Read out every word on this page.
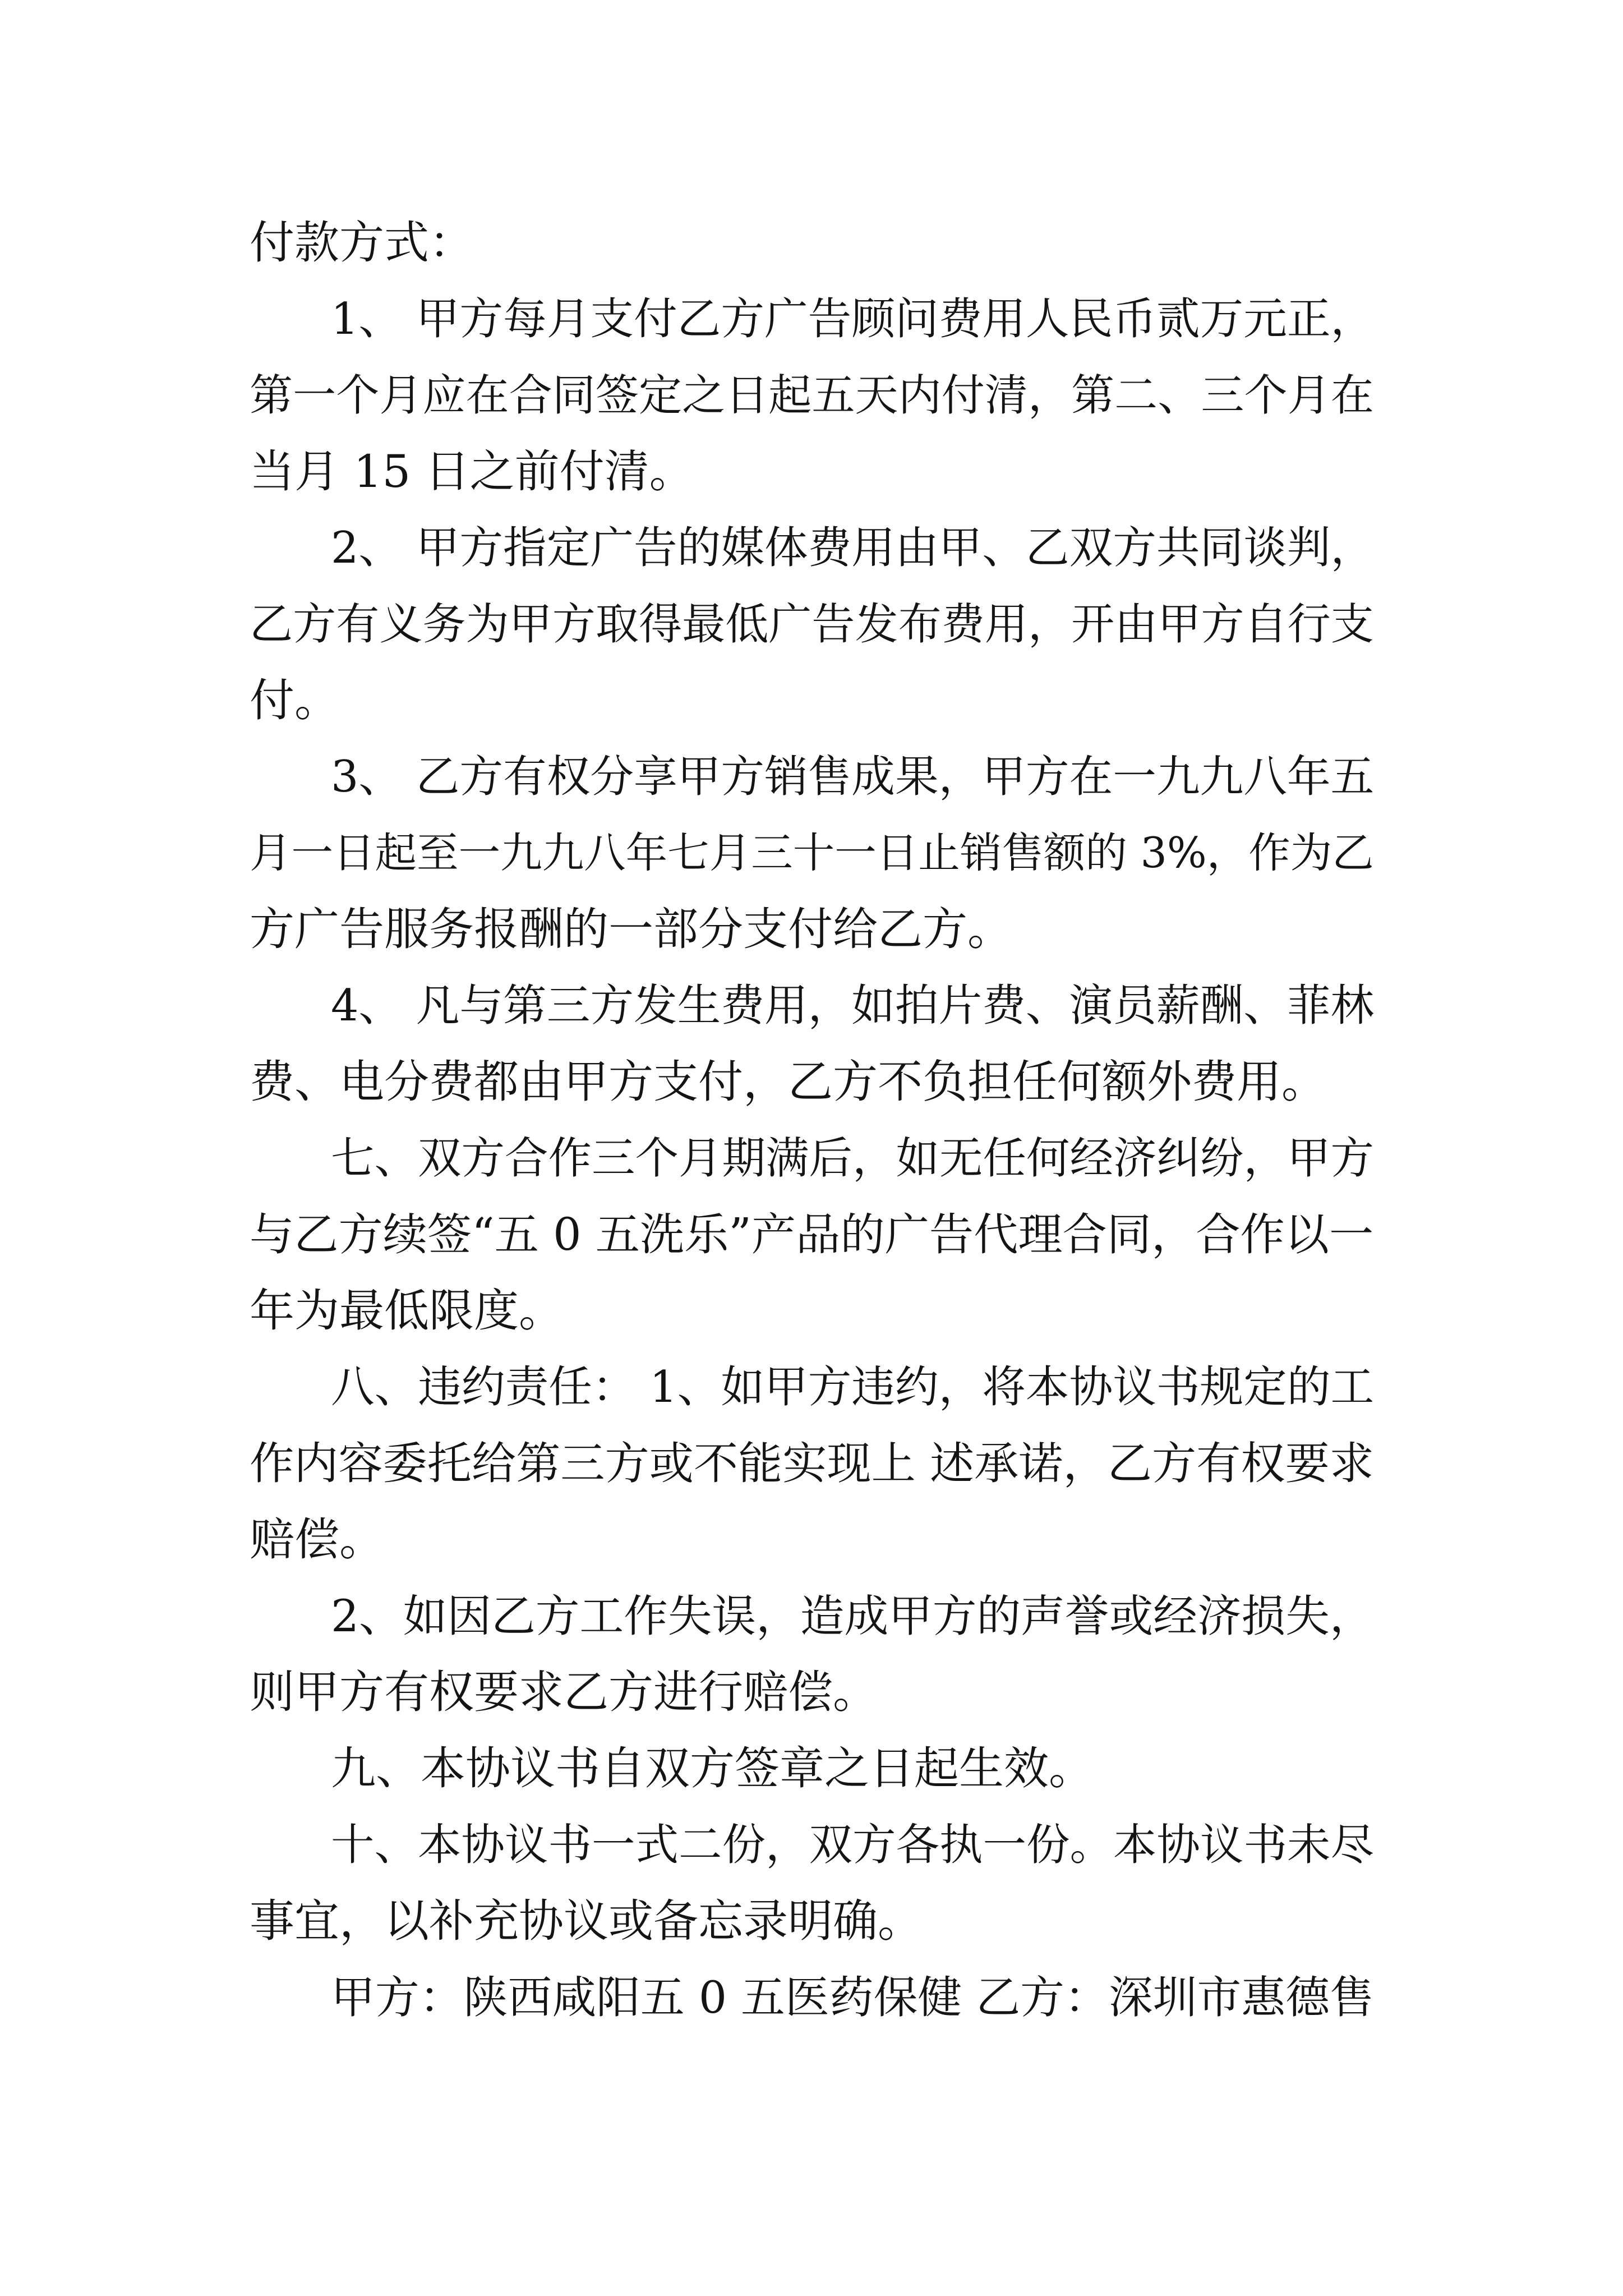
付款方式：

1、 甲方每月支付乙方广告顾问费用人民币贰万元正，

第一个月应在合同签定之日起五天内付清，第二、三个月在

当月 15 日之前付清。

2、 甲方指定广告的媒体费用由甲、乙双方共同谈判，

乙方有义务为甲方取得最低广告发布费用，开由甲方自行支

付。

3、 乙方有权分享甲方销售成果，甲方在一九九八年五

月一日起至一九九八年七月三十一日止销售额的 3%，作为乙

方广告服务报酬的一部分支付给乙方。

4、 凡与第三方发生费用，如拍片费、演员薪酬、菲林

费、电分费都由甲方支付，乙方不负担任何额外费用。

七、双方合作三个月期满后，如无任何经济纠纷，甲方

与乙方续签“五 0 五洗乐”产品的广告代理合同，合作以一

年为最低限度。

八、违约责任： 1、如甲方违约，将本协议书规定的工

作内容委托给第三方或不能实现上 述承诺，乙方有权要求

赔偿。

2、如因乙方工作失误，造成甲方的声誉或经济损失，

则甲方有权要求乙方进行赔偿。

九、本协议书自双方签章之日起生效。

十、本协议书一式二份，双方各执一份。本协议书未尽

事宜，以补充协议或备忘录明确。

甲方：陕西咸阳五 0 五医药保健 乙方：深圳市惠德售
